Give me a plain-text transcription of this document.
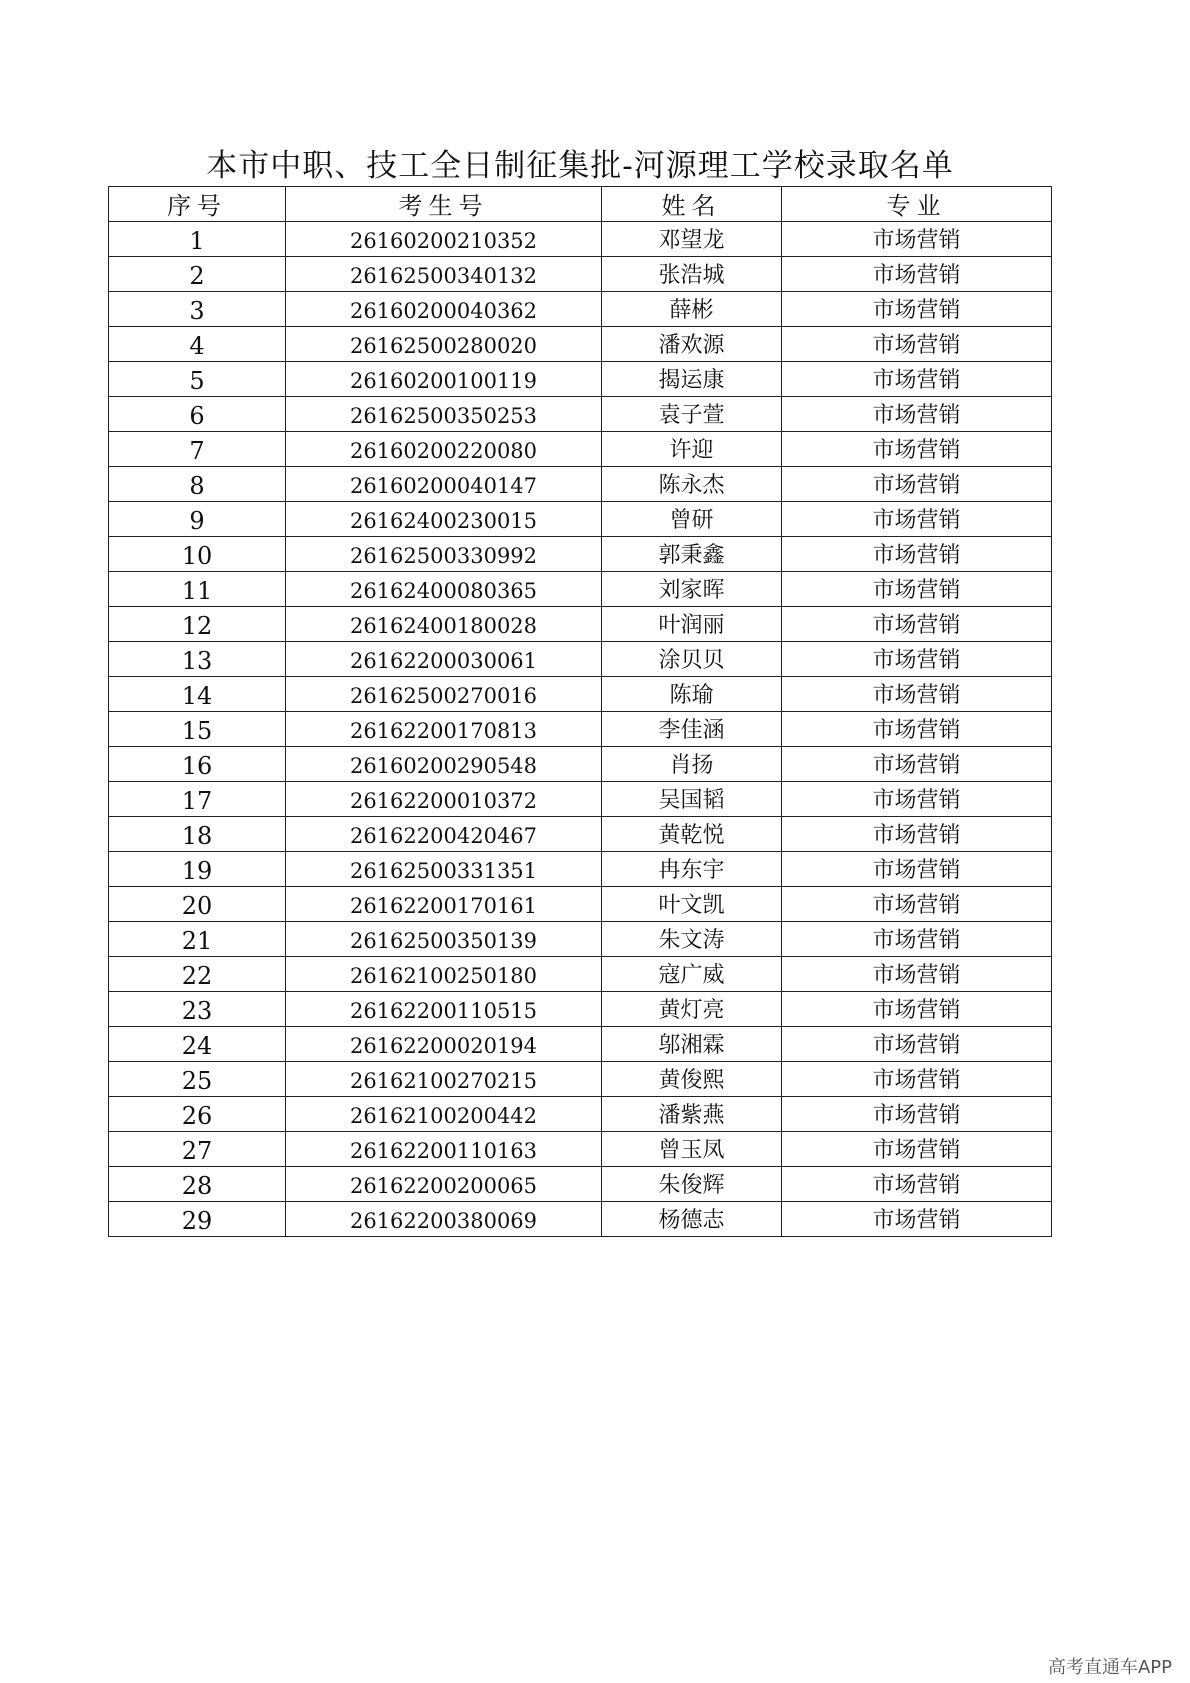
本市中职、技工全日制征集批-河源理工学校录取名单
序号	考生号	姓名	专业
1	26160200210352	邓望龙	市场营销
2	26162500340132	张浩城	市场营销
3	26160200040362	薛彬	市场营销
4	26162500280020	潘欢源	市场营销
5	26160200100119	揭运康	市场营销
6	26162500350253	袁子萱	市场营销
7	26160200220080	许迎	市场营销
8	26160200040147	陈永杰	市场营销
9	26162400230015	曾研	市场营销
10	26162500330992	郭秉鑫	市场营销
11	26162400080365	刘家晖	市场营销
12	26162400180028	叶润丽	市场营销
13	26162200030061	涂贝贝	市场营销
14	26162500270016	陈瑜	市场营销
15	26162200170813	李佳涵	市场营销
16	26160200290548	肖扬	市场营销
17	26162200010372	吴国韬	市场营销
18	26162200420467	黄乾悦	市场营销
19	26162500331351	冉东宇	市场营销
20	26162200170161	叶文凯	市场营销
21	26162500350139	朱文涛	市场营销
22	26162100250180	寇广威	市场营销
23	26162200110515	黄灯亮	市场营销
24	26162200020194	邬湘霖	市场营销
25	26162100270215	黄俊熙	市场营销
26	26162100200442	潘紫燕	市场营销
27	26162200110163	曾玉凤	市场营销
28	26162200200065	朱俊辉	市场营销
29	26162200380069	杨德志	市场营销
高考直通车APP
